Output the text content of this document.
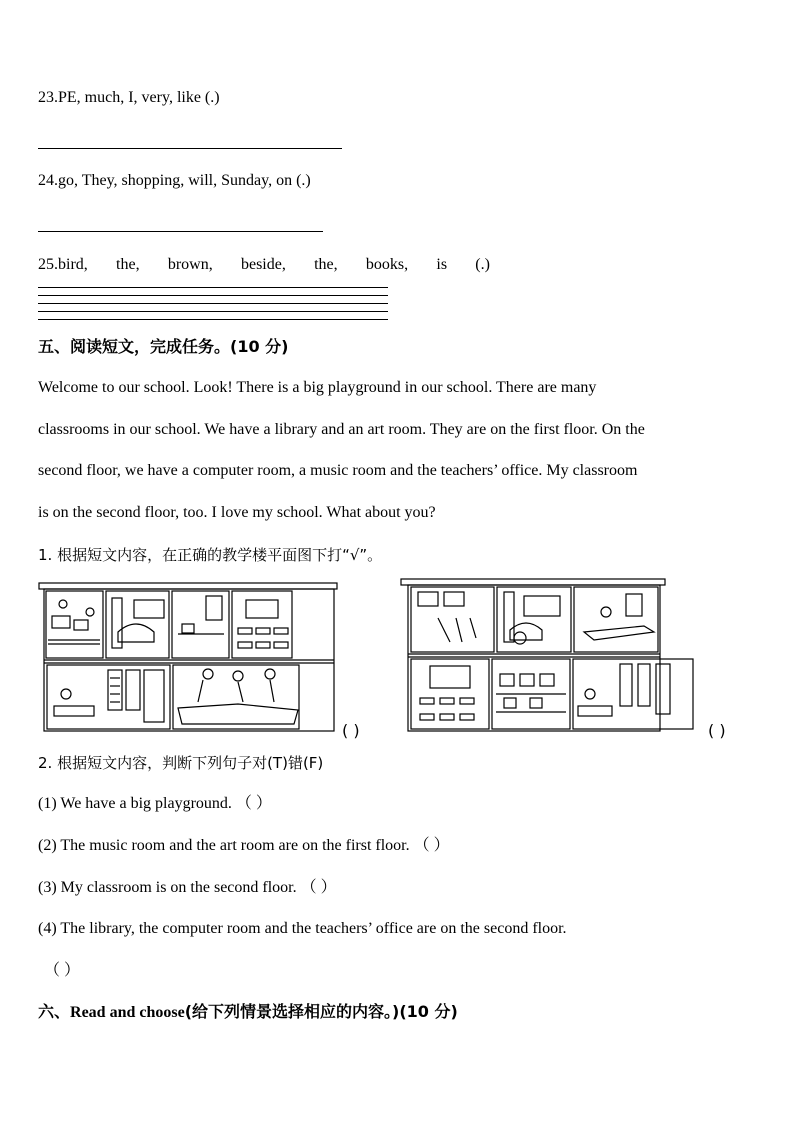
23.PE, much, I, very, like (.)
24.go, They, shopping, will, Sunday, on (.)
25.bird, the, brown, beside, the, books, is (.)
五、阅读短文，完成任务。(10 分)
Welcome to our school. Look! There is a big playground in our school. There are many
classrooms in our school. We have a library and an art room. They are on the first floor. On the
second floor, we have a computer room, a music room and the teachers’ office. My classroom
is on the second floor, too. I love my school. What about you?
1. 根据短文内容，在正确的教学楼平面图下打“√”。
( )	( )
2. 根据短文内容，判断下列句子对(T)错(F)
(1) We have a big playground. （ ）
(2) The music room and the art room are on the first floor. （ ）
(3) My classroom is on the second floor. （ ）
(4) The library, the computer room and the teachers’ office are on the second floor.
（ ）
六、Read and choose(给下列情景选择相应的内容。)(10 分)
